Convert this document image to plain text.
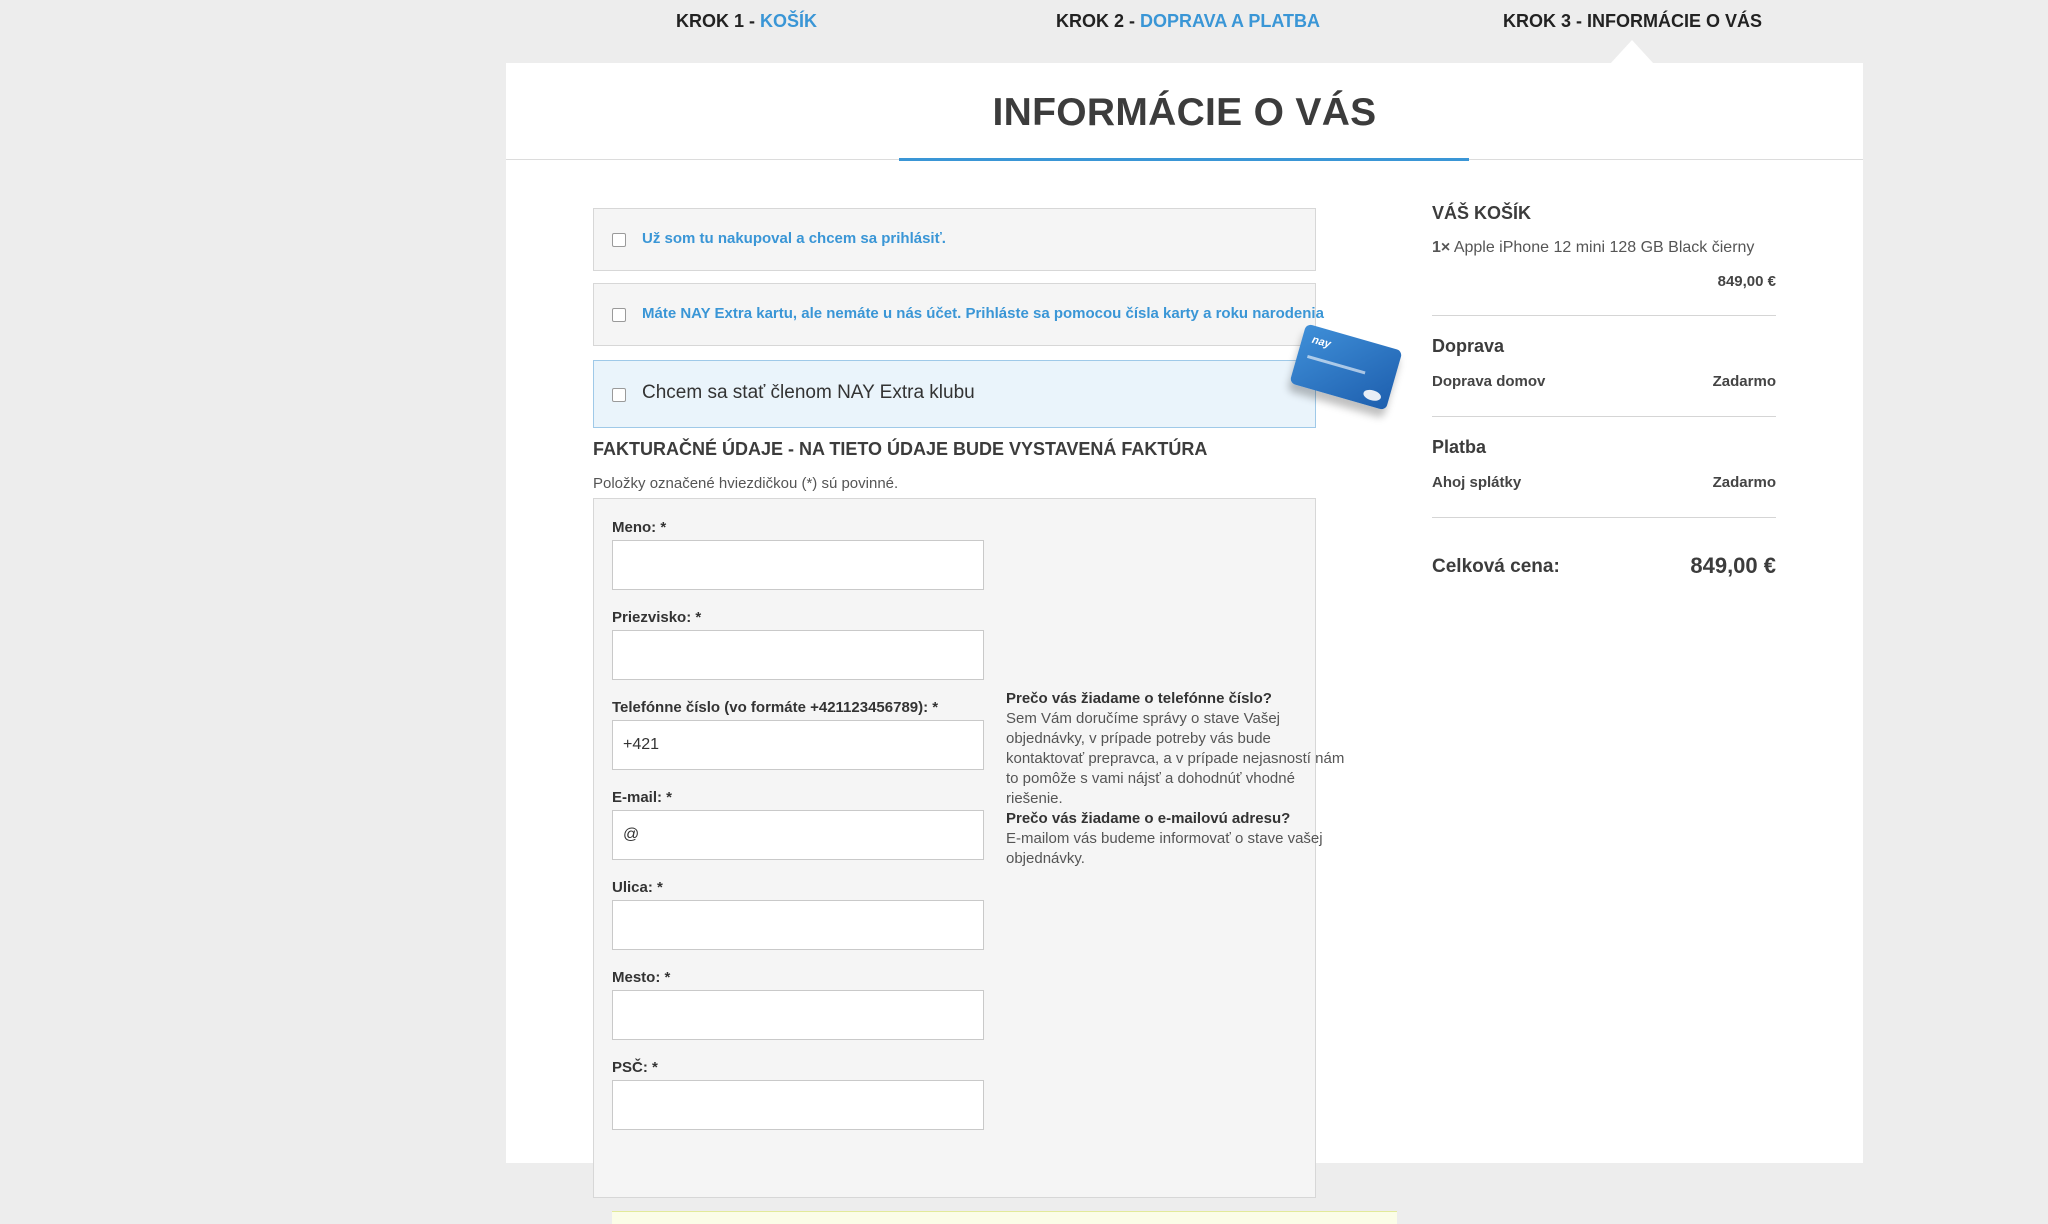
KROK 1 - KOŠÍK	KROK 2 - DOPRAVA A PLATBA	KROK 3 - INFORMÁCIE O VÁS
INFORMÁCIE O VÁS
Už som tu nakupoval a chcem sa prihlásiť.
Máte NAY Extra kartu, ale nemáte u nás účet. Prihláste sa pomocou čísla karty a roku narodenia
Chcem sa stať členom NAY Extra klubu
nay
FAKTURAČNÉ ÚDAJE - NA TIETO ÚDAJE BUDE VYSTAVENÁ FAKTÚRA
Položky označené hviezdičkou (*) sú povinné.
Meno: *
Priezvisko: *
Telefónne číslo (vo formáte +421123456789): *
+421
E-mail: *
@
Ulica: *
Mesto: *
PSČ: *
Prečo vás žiadame o telefónne číslo?
Sem Vám doručíme správy o stave Vašej objednávky, v prípade potreby vás bude kontaktovať prepravca, a v prípade nejasností nám to pomôže s vami nájsť a dohodnúť vhodné riešenie.
Prečo vás žiadame o e-mailovú adresu?
E-mailom vás budeme informovať o stave vašej objednávky.
VÁŠ KOŠÍK
1× Apple iPhone 12 mini 128 GB Black čierny
849,00 €
Doprava
Doprava domov	Zadarmo
Platba
Ahoj splátky	Zadarmo
Celková cena:	849,00 €
